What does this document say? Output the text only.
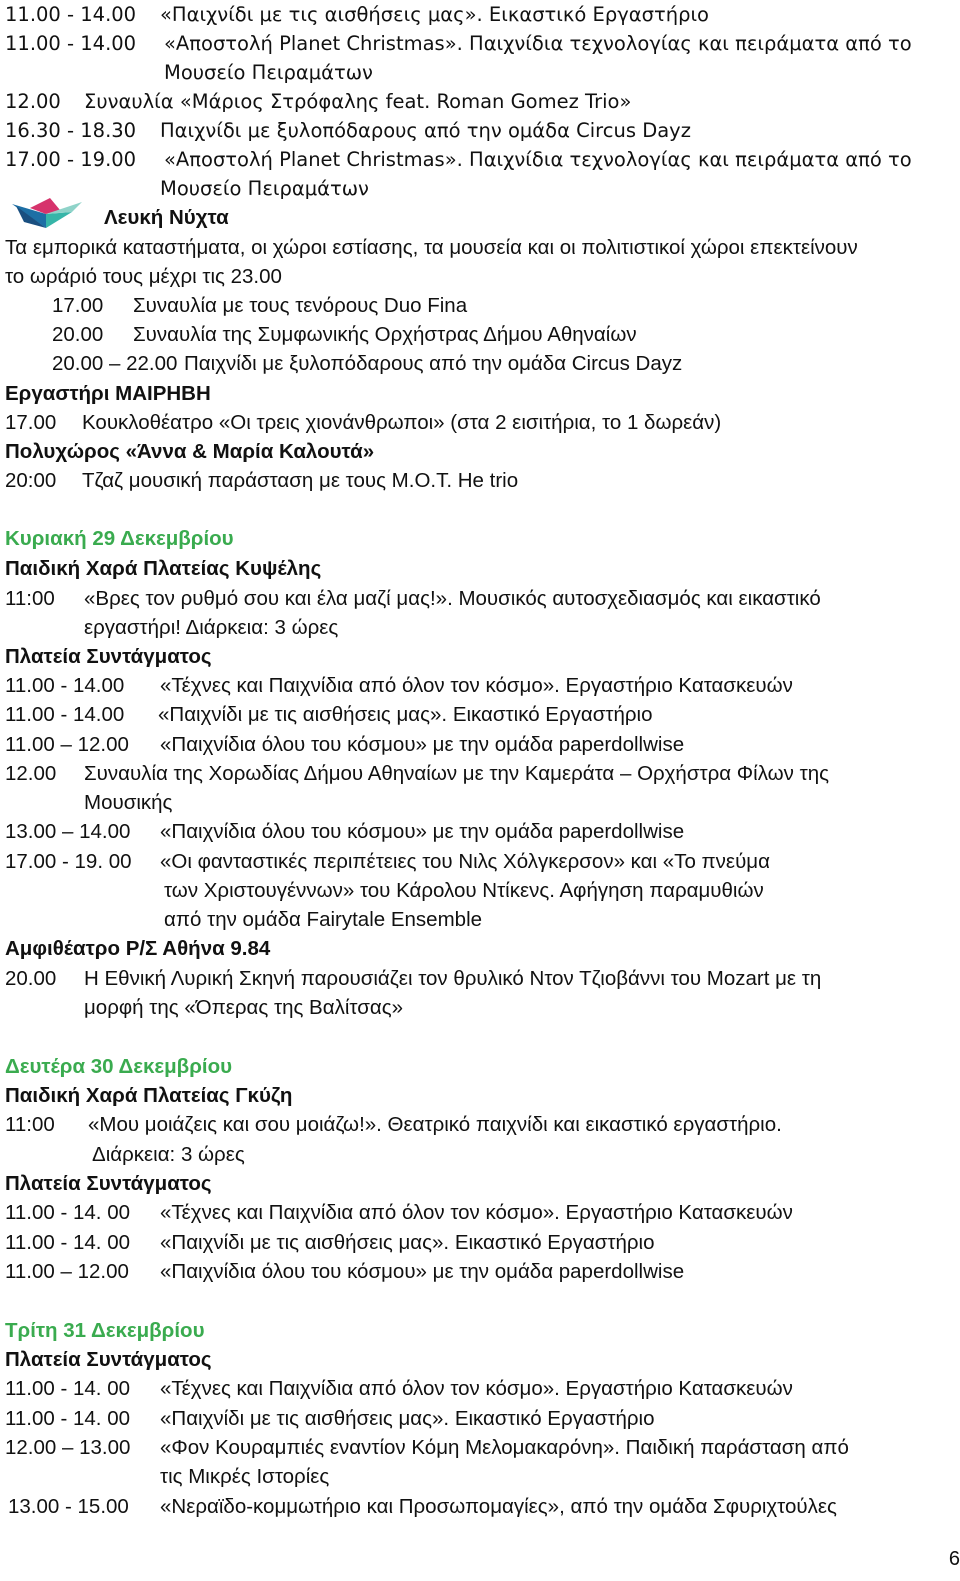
11.00 - 14.00 «Παιχνίδι με τις αισθήσεις μας». Εικαστικό Εργαστήριο
11.00 - 14.00 «Αποστολή Planet Christmas». Παιχνίδια τεχνολογίας και πειράματα από το
Μουσείο Πειραμάτων
12.00 Συναυλία «Μάριος Στρόφαλης feat. Roman Gomez Trio»
16.30 - 18.30 Παιχνίδι με ξυλοπόδαρους από την ομάδα Circus Dayz
17.00 - 19.00 «Αποστολή Planet Christmas». Παιχνίδια τεχνολογίας και πειράματα από το
Μουσείο Πειραμάτων
Λευκή Νύχτα
Τα εμπορικά καταστήματα, οι χώροι εστίασης, τα μουσεία και οι πολιτιστικοί χώροι επεκτείνουν
το ωράριό τους μέχρι τις 23.00
17.00 Συναυλία με τους τενόρους Duo Fina
20.00 Συναυλία της Συμφωνικής Ορχήστρας Δήμου Αθηναίων
20.00 – 22.00 Παιχνίδι με ξυλοπόδαρους από την ομάδα Circus Dayz
Εργαστήρι ΜΑΙΡΗΒΗ
17.00 Κουκλοθέατρο «Οι τρεις χιονάνθρωποι» (στα 2 εισιτήρια, το 1 δωρεάν)
Πολυχώρος «Άννα & Μαρία Καλουτά»
20:00 Τζαζ μουσική παράσταση με τους Μ.Ο.Τ. He trio
Κυριακή 29 Δεκεμβρίου
Παιδική Χαρά Πλατείας Κυψέλης
11:00 «Βρες τον ρυθμό σου και έλα μαζί μας!». Μουσικός αυτοσχεδιασμός και εικαστικό
εργαστήρι! Διάρκεια: 3 ώρες
Πλατεία Συντάγματος
11.00 - 14.00 «Τέχνες και Παιχνίδια από όλον τον κόσμο». Εργαστήριο Κατασκευών
11.00 - 14.00 «Παιχνίδι με τις αισθήσεις μας». Εικαστικό Εργαστήριο
11.00 – 12.00 «Παιχνίδια όλου του κόσμου» με την ομάδα paperdollwise
12.00 Συναυλία της Χορωδίας Δήμου Αθηναίων με την Καμεράτα – Ορχήστρα Φίλων της
Μουσικής
13.00 – 14.00 «Παιχνίδια όλου του κόσμου» με την ομάδα paperdollwise
17.00 - 19. 00 «Οι φανταστικές περιπέτειες του Νιλς Χόλγκερσον» και «Το πνεύμα
των Χριστουγέννων» του Κάρολου Ντίκενς. Αφήγηση παραμυθιών
από την ομάδα Fairytale Ensemble
Αμφιθέατρο Ρ/Σ Αθήνα 9.84
20.00 Η Εθνική Λυρική Σκηνή παρουσιάζει τον θρυλικό Ντον Τζιοβάννι του Mozart με τη
μορφή της «Όπερας της Βαλίτσας»
Δευτέρα 30 Δεκεμβρίου
Παιδική Χαρά Πλατείας Γκύζη
11:00 «Μου μοιάζεις και σου μοιάζω!». Θεατρικό παιχνίδι και εικαστικό εργαστήριο.
Διάρκεια: 3 ώρες
Πλατεία Συντάγματος
11.00 - 14. 00 «Τέχνες και Παιχνίδια από όλον τον κόσμο». Εργαστήριο Κατασκευών
11.00 - 14. 00 «Παιχνίδι με τις αισθήσεις μας». Εικαστικό Εργαστήριο
11.00 – 12.00 «Παιχνίδια όλου του κόσμου» με την ομάδα paperdollwise
Τρίτη 31 Δεκεμβρίου
Πλατεία Συντάγματος
11.00 - 14. 00 «Τέχνες και Παιχνίδια από όλον τον κόσμο». Εργαστήριο Κατασκευών
11.00 - 14. 00 «Παιχνίδι με τις αισθήσεις μας». Εικαστικό Εργαστήριο
12.00 – 13.00 «Φον Κουραμπιές εναντίον Κόμη Μελομακαρόνη». Παιδική παράσταση από
τις Μικρές Ιστορίες
13.00 - 15.00 «Νεραϊδο-κομμωτήριο και Προσωπομαγίες», από την ομάδα Σφυριχτούλες
6
